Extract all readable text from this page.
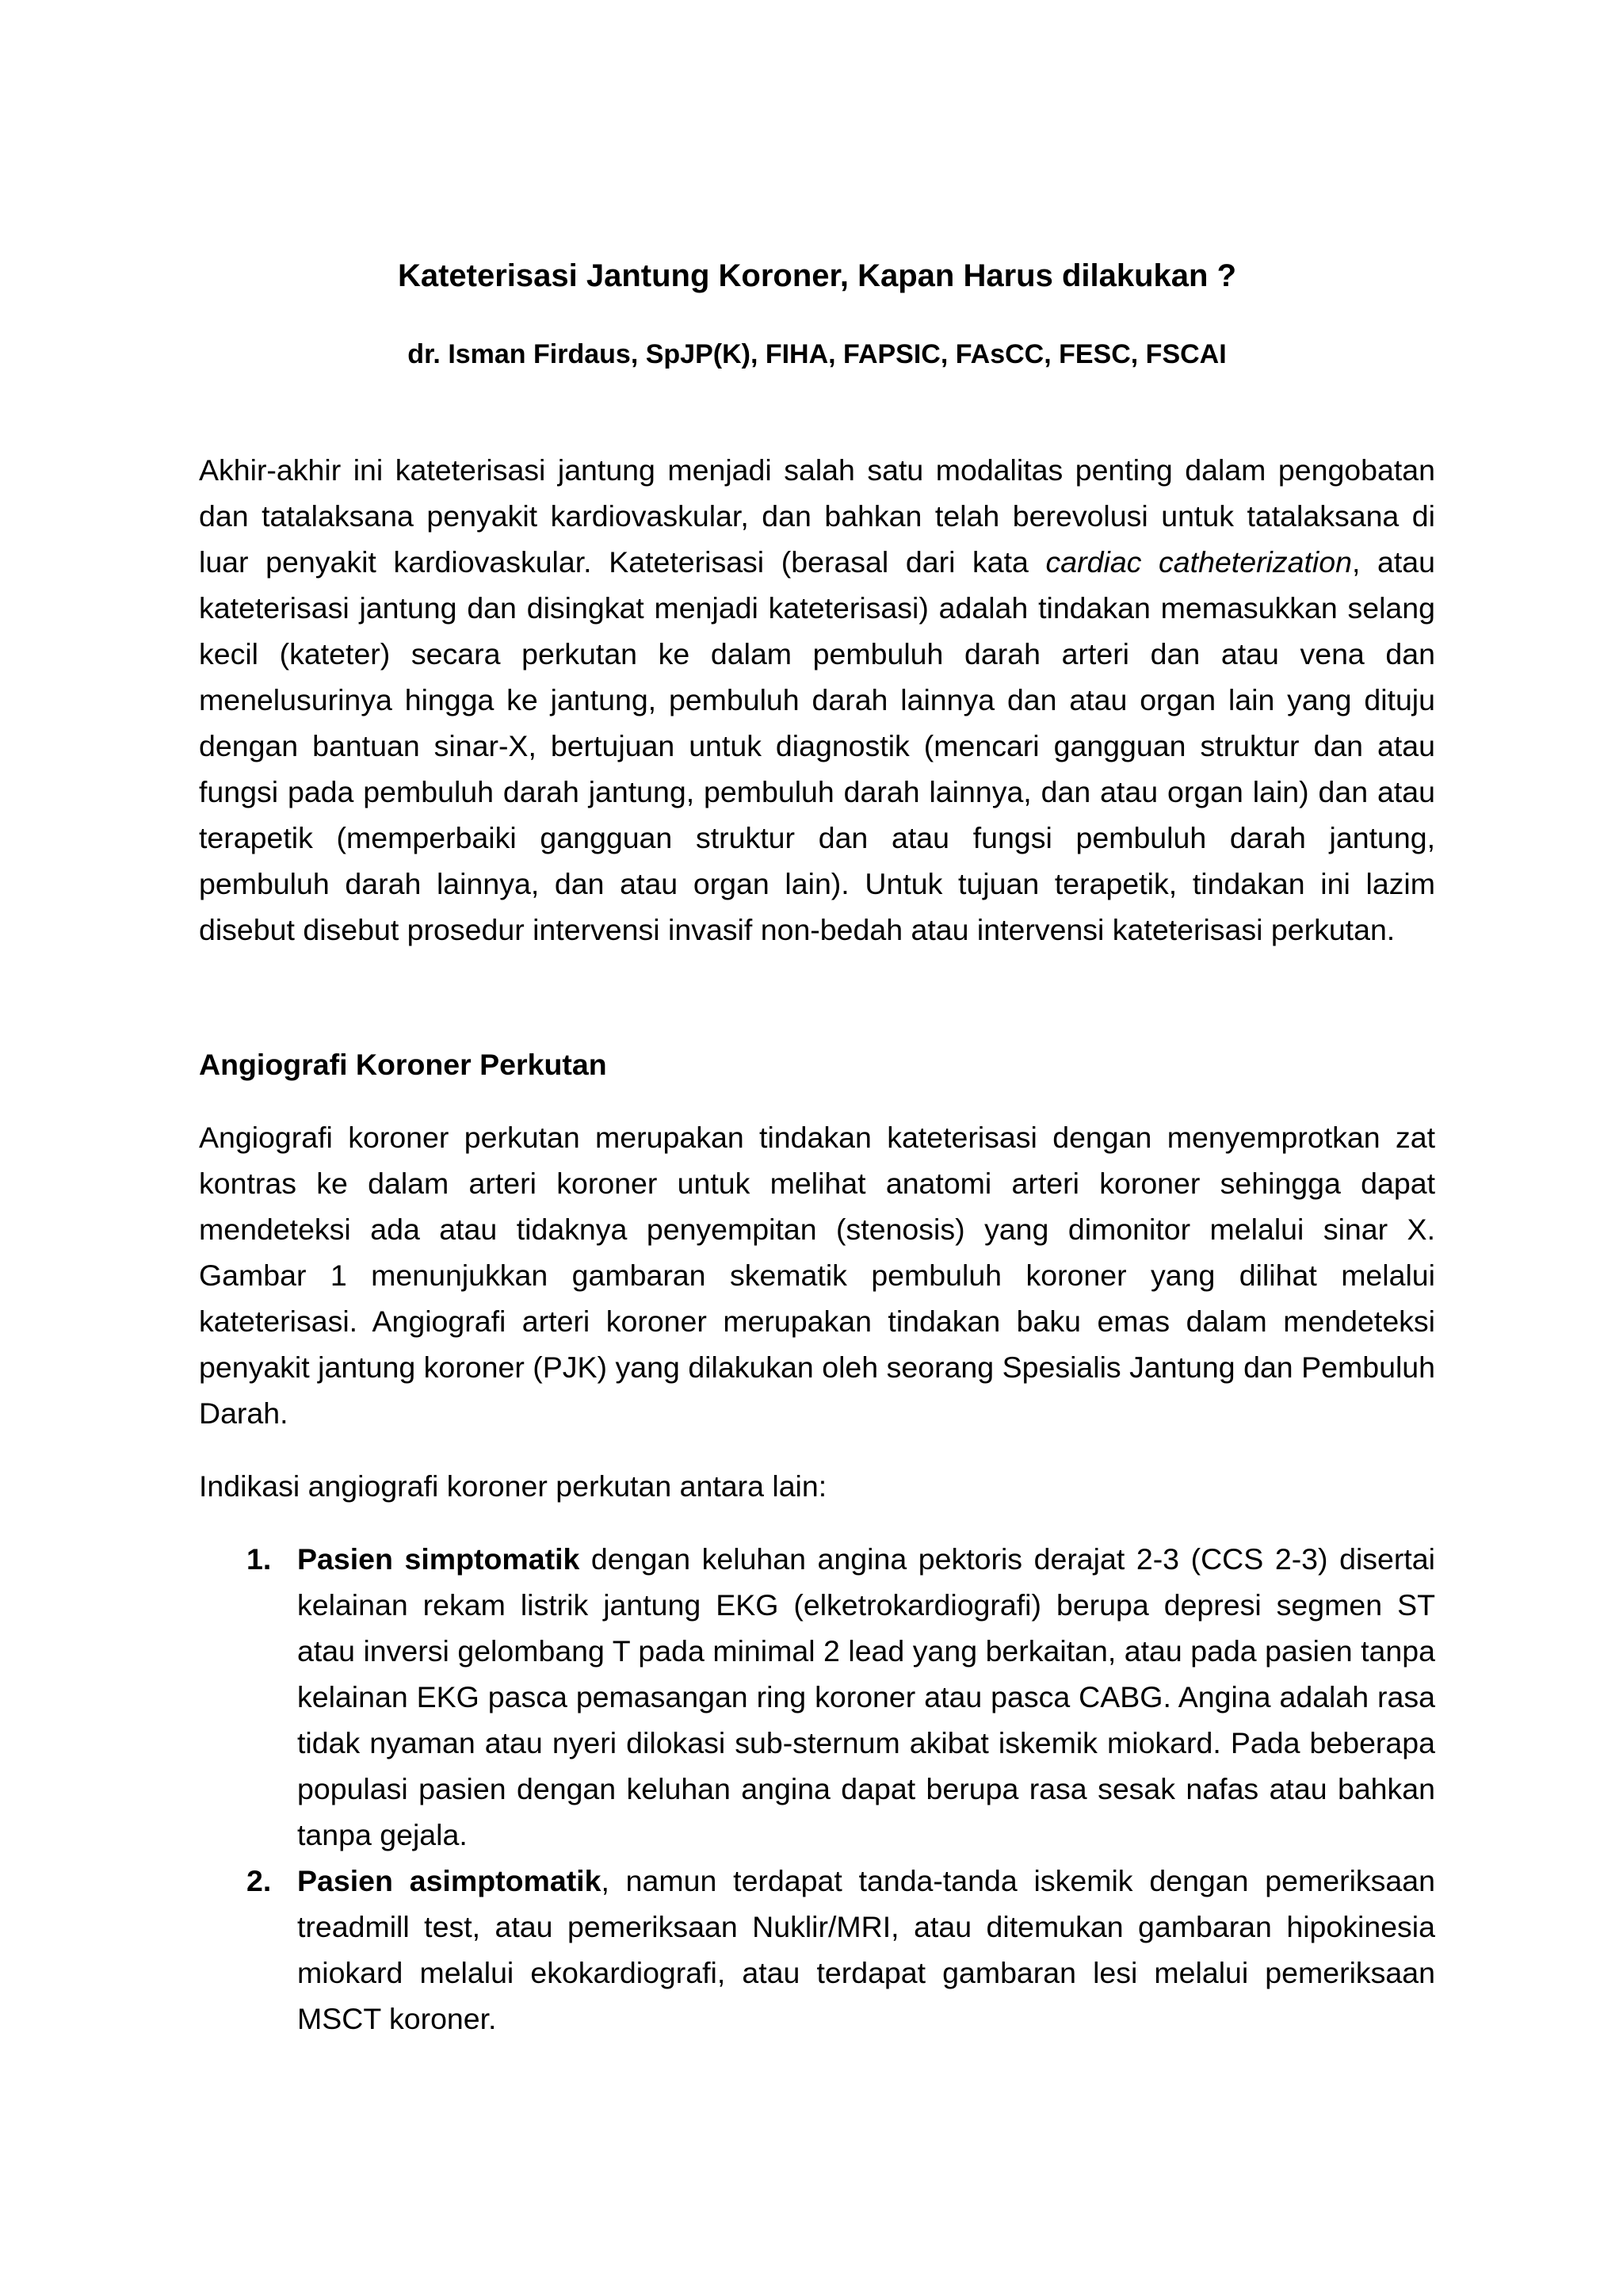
Kateterisasi Jantung Koroner, Kapan Harus dilakukan ?
dr. Isman Firdaus, SpJP(K), FIHA, FAPSIC, FAsCC, FESC, FSCAI

Akhir-akhir ini kateterisasi jantung menjadi salah satu modalitas penting dalam pengobatan dan tatalaksana penyakit kardiovaskular, dan bahkan telah berevolusi untuk tatalaksana di luar penyakit kardiovaskular. Kateterisasi (berasal dari kata cardiac catheterization, atau kateterisasi jantung dan disingkat menjadi kateterisasi) adalah tindakan memasukkan selang kecil (kateter) secara perkutan ke dalam pembuluh darah arteri dan atau vena dan menelusurinya hingga ke jantung, pembuluh darah lainnya dan atau organ lain yang dituju dengan bantuan sinar-X, bertujuan untuk diagnostik (mencari gangguan struktur dan atau fungsi pada pembuluh darah jantung, pembuluh darah lainnya, dan atau organ lain) dan atau terapetik (memperbaiki gangguan struktur dan atau fungsi pembuluh darah jantung, pembuluh darah lainnya, dan atau organ lain). Untuk tujuan terapetik, tindakan ini lazim disebut disebut prosedur intervensi invasif non-bedah atau intervensi kateterisasi perkutan.

Angiografi Koroner Perkutan

Angiografi koroner perkutan merupakan tindakan kateterisasi dengan menyemprotkan zat kontras ke dalam arteri koroner untuk melihat anatomi arteri koroner sehingga dapat mendeteksi ada atau tidaknya penyempitan (stenosis) yang dimonitor melalui sinar X. Gambar 1 menunjukkan gambaran skematik pembuluh koroner yang dilihat melalui kateterisasi. Angiografi arteri koroner merupakan tindakan baku emas dalam mendeteksi penyakit jantung koroner (PJK) yang dilakukan oleh seorang Spesialis Jantung dan Pembuluh Darah.

Indikasi angiografi koroner perkutan antara lain:

1. Pasien simptomatik dengan keluhan angina pektoris derajat 2-3 (CCS 2-3) disertai kelainan rekam listrik jantung EKG (elketrokardiografi) berupa depresi segmen ST atau inversi gelombang T pada minimal 2 lead yang berkaitan, atau pada pasien tanpa kelainan EKG pasca pemasangan ring koroner atau pasca CABG. Angina adalah rasa tidak nyaman atau nyeri dilokasi sub-sternum akibat iskemik miokard. Pada beberapa populasi pasien dengan keluhan angina dapat berupa rasa sesak nafas atau bahkan tanpa gejala.
2. Pasien asimptomatik, namun terdapat tanda-tanda iskemik dengan pemeriksaan treadmill test, atau pemeriksaan Nuklir/MRI, atau ditemukan gambaran hipokinesia miokard melalui ekokardiografi, atau terdapat gambaran lesi melalui pemeriksaan MSCT koroner.
